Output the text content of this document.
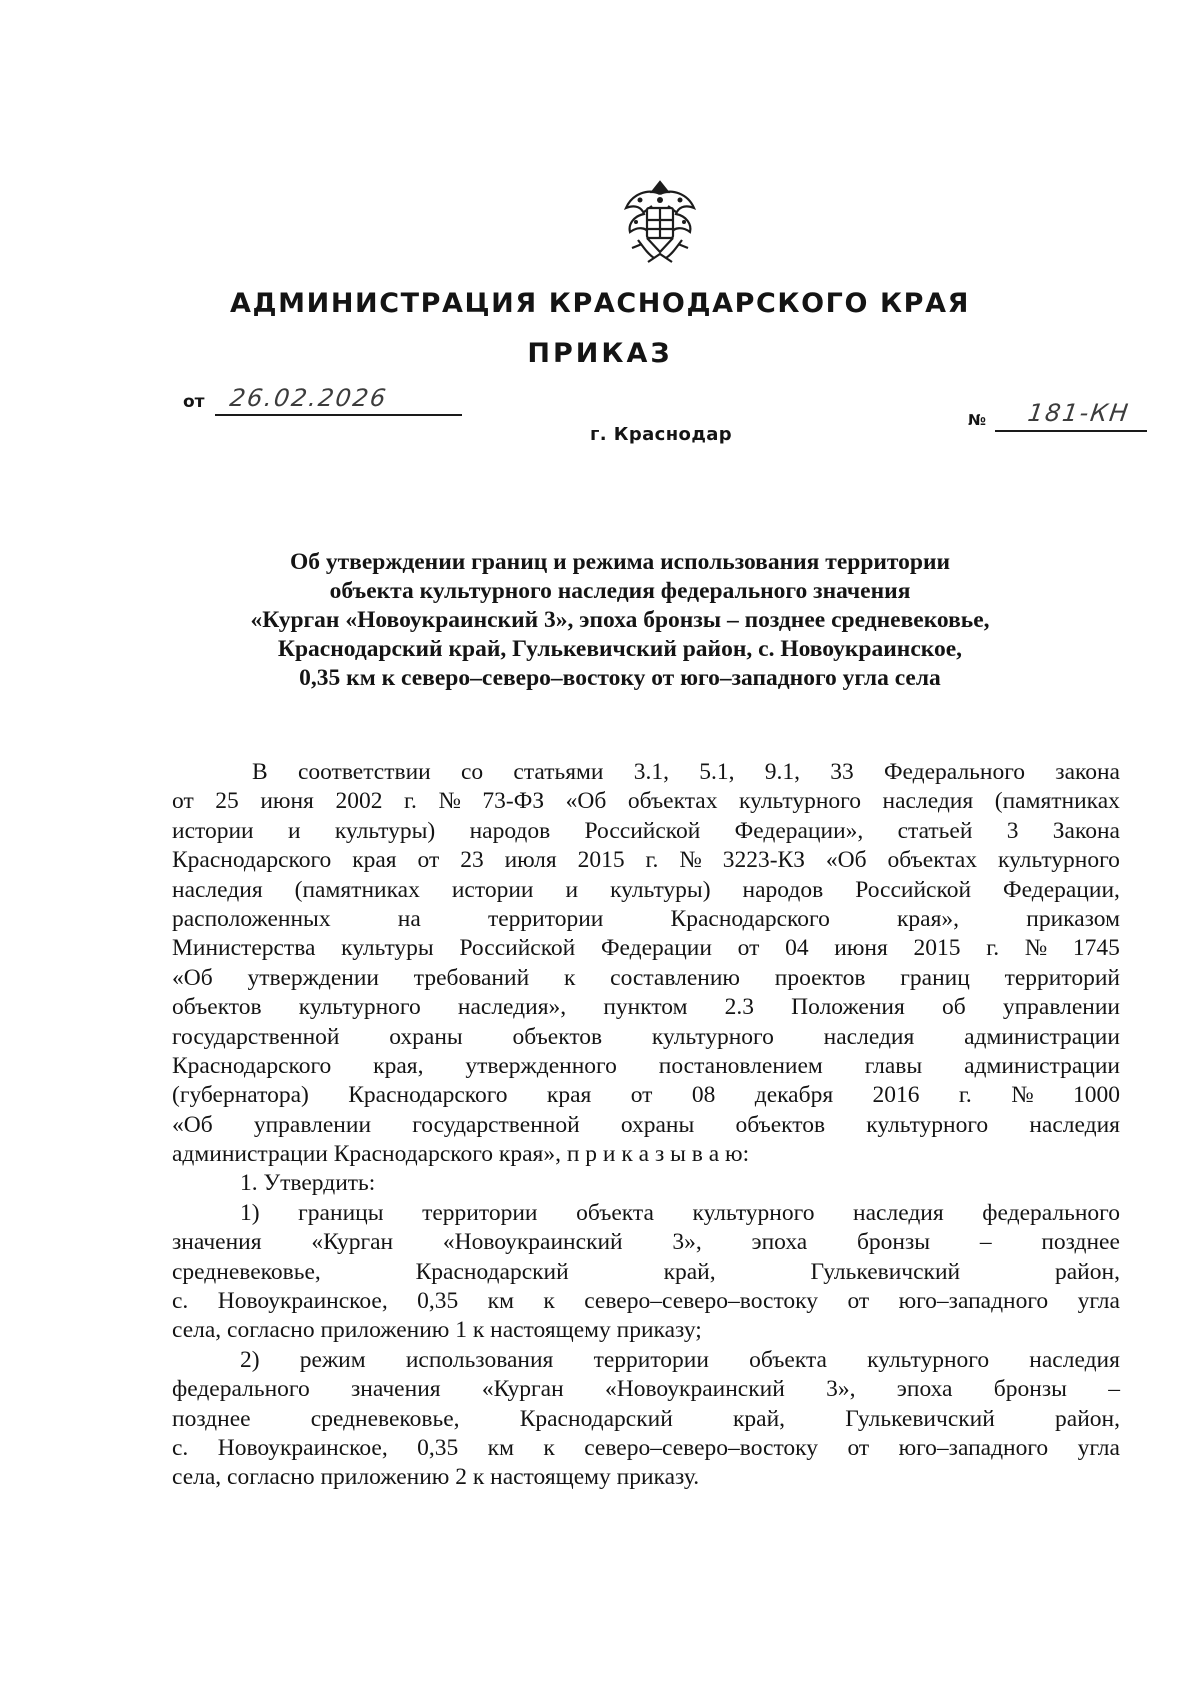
АДМИНИСТРАЦИЯ КРАСНОДАРСКОГО КРАЯ
ПРИКАЗ
от 26.02.2026
№ 181-КН
г. Краснодар
Об утверждении границ и режима использования территории
объекта культурного наследия федерального значения
«Курган «Новоукраинский 3», эпоха бронзы – позднее средневековье,
Краснодарский край, Гулькевичский район, с. Новоукраинское,
0,35 км к северо–северо–востоку от юго–западного угла села
В соответствии со статьями 3.1, 5.1, 9.1, 33 Федерального закона
от 25 июня 2002 г. № 73-ФЗ «Об объектах культурного наследия (памятниках
истории и культуры) народов Российской Федерации», статьей 3 Закона
Краснодарского края от 23 июля 2015 г. № 3223-КЗ «Об объектах культурного
наследия (памятниках истории и культуры) народов Российской Федерации,
расположенных	на	территории	Краснодарского	края»,	приказом
Министерства культуры Российской Федерации от 04 июня 2015 г. № 1745
«Об утверждении требований к составлению проектов границ территорий
объектов культурного наследия», пунктом 2.3 Положения об управлении
государственной охраны объектов культурного наследия администрации
Краснодарского края, утвержденного постановлением главы администрации
(губернатора) Краснодарского края от 08 декабря 2016 г. № 1000
«Об управлении государственной охраны объектов культурного наследия
администрации Краснодарского края», п р и к а з ы в а ю:
1. Утвердить:
1) границы территории объекта культурного наследия федерального
значения «Курган «Новоукраинский 3», эпоха бронзы – позднее
средневековье,	Краснодарский	край,	Гулькевичский	район,
с. Новоукраинское, 0,35 км к северо–северо–востоку от юго–западного угла
села, согласно приложению 1 к настоящему приказу;
2) режим использования территории объекта культурного наследия
федерального значения «Курган «Новоукраинский 3», эпоха бронзы –
позднее	средневековье,	Краснодарский	край,	Гулькевичский	район,
с. Новоукраинское, 0,35 км к северо–северо–востоку от юго–западного угла
села, согласно приложению 2 к настоящему приказу.
